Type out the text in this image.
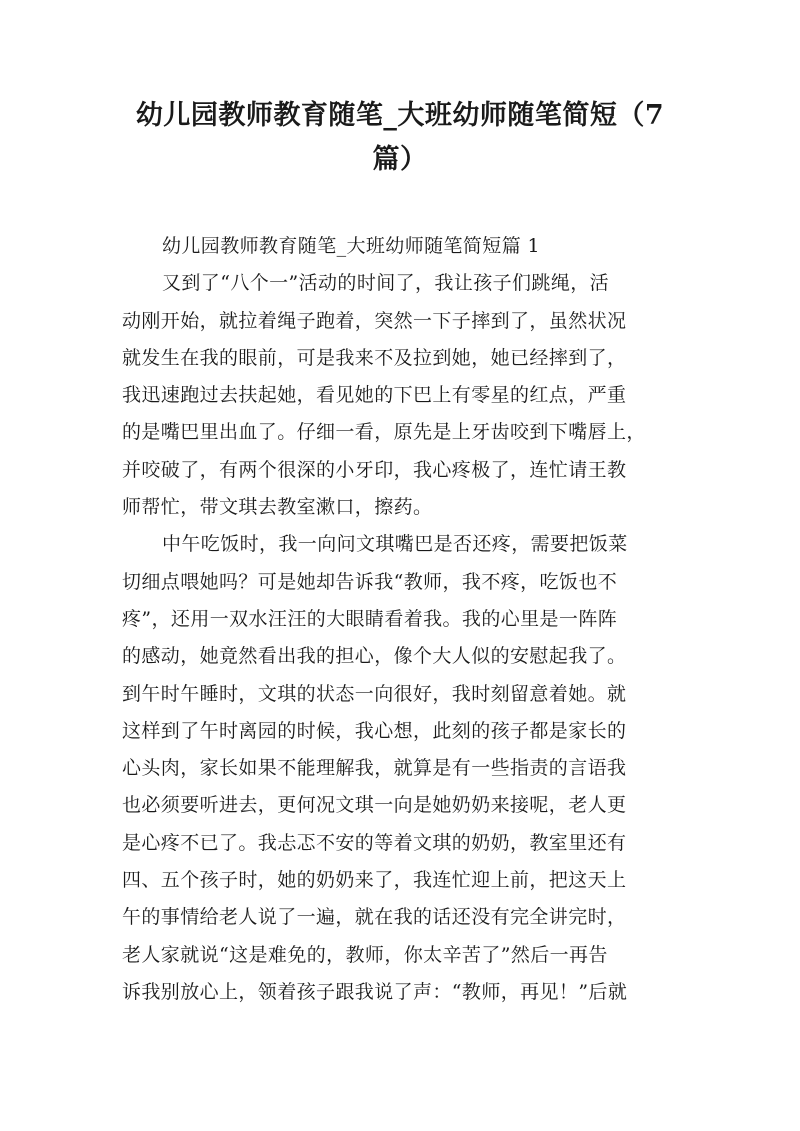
幼儿园教师教育随笔_大班幼师随笔简短（7
篇）
幼儿园教师教育随笔_大班幼师随笔简短篇 1
又到了“八个一”活动的时间了，我让孩子们跳绳，活
动刚开始，就拉着绳子跑着，突然一下子摔到了，虽然状况
就发生在我的眼前，可是我来不及拉到她，她已经摔到了，
我迅速跑过去扶起她，看见她的下巴上有零星的红点，严重
的是嘴巴里出血了。仔细一看，原先是上牙齿咬到下嘴唇上，
并咬破了，有两个很深的小牙印，我心疼极了，连忙请王教
师帮忙，带文琪去教室漱口，擦药。
中午吃饭时，我一向问文琪嘴巴是否还疼，需要把饭菜
切细点喂她吗？可是她却告诉我“教师，我不疼，吃饭也不
疼”，还用一双水汪汪的大眼睛看着我。我的心里是一阵阵
的感动，她竟然看出我的担心，像个大人似的安慰起我了。
到午时午睡时，文琪的状态一向很好，我时刻留意着她。就
这样到了午时离园的时候，我心想，此刻的孩子都是家长的
心头肉，家长如果不能理解我，就算是有一些指责的言语我
也必须要听进去，更何况文琪一向是她奶奶来接呢，老人更
是心疼不已了。我忐忑不安的等着文琪的奶奶，教室里还有
四、五个孩子时，她的奶奶来了，我连忙迎上前，把这天上
午的事情给老人说了一遍，就在我的话还没有完全讲完时，
老人家就说“这是难免的，教师，你太辛苦了”然后一再告
诉我别放心上，领着孩子跟我说了声：“教师，再见！”后就
